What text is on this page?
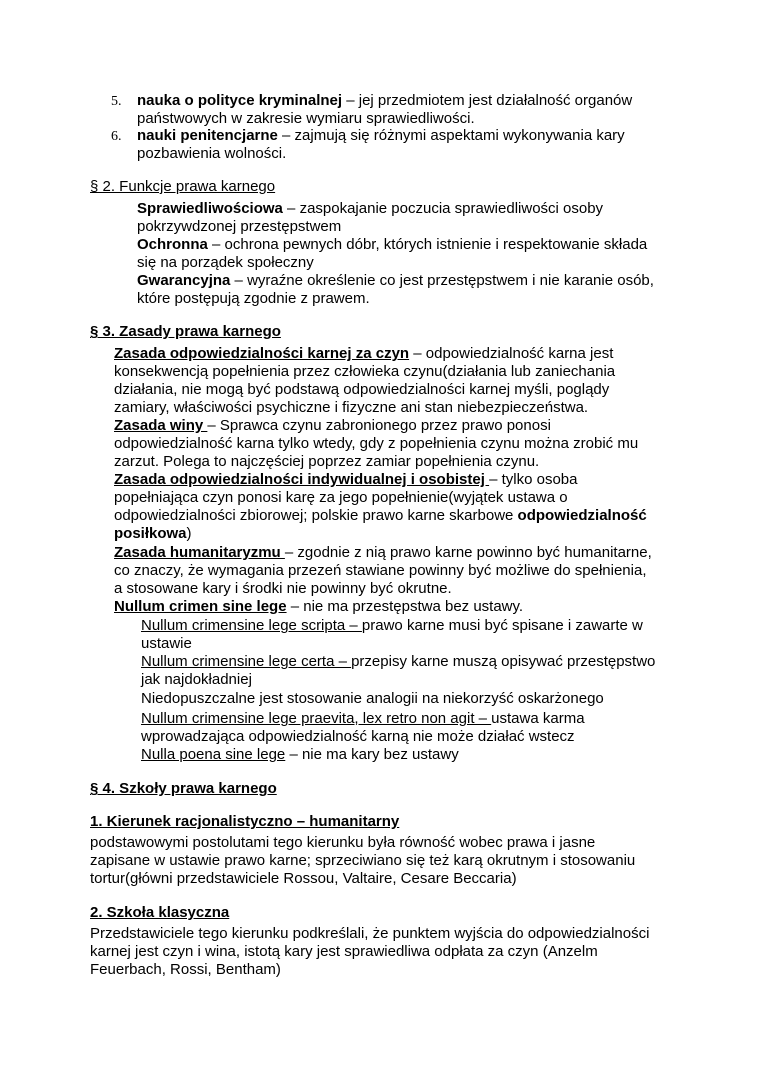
5. nauka o polityce kryminalnej – jej przedmiotem jest działalność organów
państwowych w zakresie wymiaru sprawiedliwości.
6. nauki penitencjarne – zajmują się różnymi aspektami wykonywania kary
pozbawienia wolności.
§ 2. Funkcje prawa karnego
Sprawiedliwościowa – zaspokajanie poczucia sprawiedliwości osoby
pokrzywdzonej przestępstwem
Ochronna – ochrona pewnych dóbr, których istnienie i respektowanie składa
się na porządek społeczny
Gwarancyjna – wyraźne określenie co jest przestępstwem i nie karanie osób,
które postępują zgodnie z prawem.
§ 3. Zasady prawa karnego
Zasada odpowiedzialności karnej za czyn – odpowiedzialność karna jest
konsekwencją popełnienia przez człowieka czynu(działania lub zaniechania
działania, nie mogą być podstawą odpowiedzialności karnej myśli, poglądy
zamiary, właściwości psychiczne i fizyczne ani stan niebezpieczeństwa.
Zasada winy – Sprawca czynu zabronionego przez prawo ponosi
odpowiedzialność karna tylko wtedy, gdy z popełnienia czynu można zrobić mu
zarzut. Polega to najczęściej poprzez zamiar popełnienia czynu.
Zasada odpowiedzialności indywidualnej i osobistej – tylko osoba
popełniająca czyn ponosi karę za jego popełnienie(wyjątek ustawa o
odpowiedzialności zbiorowej; polskie prawo karne skarbowe odpowiedzialność
posiłkowa)
Zasada humanitaryzmu – zgodnie z nią prawo karne powinno być humanitarne,
co znaczy, że wymagania przezeń stawiane powinny być możliwe do spełnienia,
a stosowane kary i środki nie powinny być okrutne.
Nullum crimen sine lege – nie ma przestępstwa bez ustawy.
Nullum crimensine lege scripta – prawo karne musi być spisane i zawarte w
ustawie
Nullum crimensine lege certa – przepisy karne muszą opisywać przestępstwo
jak najdokładniej
Niedopuszczalne jest stosowanie analogii na niekorzyść oskarżonego
Nullum crimensine lege praevita, lex retro non agit – ustawa karma
wprowadzająca odpowiedzialność karną nie może działać wstecz
Nulla poena sine lege – nie ma kary bez ustawy
§ 4. Szkoły prawa karnego
1. Kierunek racjonalistyczno – humanitarny
podstawowymi postolutami tego kierunku była równość wobec prawa i jasne
zapisane w ustawie prawo karne; sprzeciwiano się też karą okrutnym i stosowaniu
tortur(główni przedstawiciele Rossou, Valtaire, Cesare Beccaria)
2. Szkoła klasyczna
Przedstawiciele tego kierunku podkreślali, że punktem wyjścia do odpowiedzialności
karnej jest czyn i wina, istotą kary jest sprawiedliwa odpłata za czyn (Anzelm
Feuerbach, Rossi, Bentham)
